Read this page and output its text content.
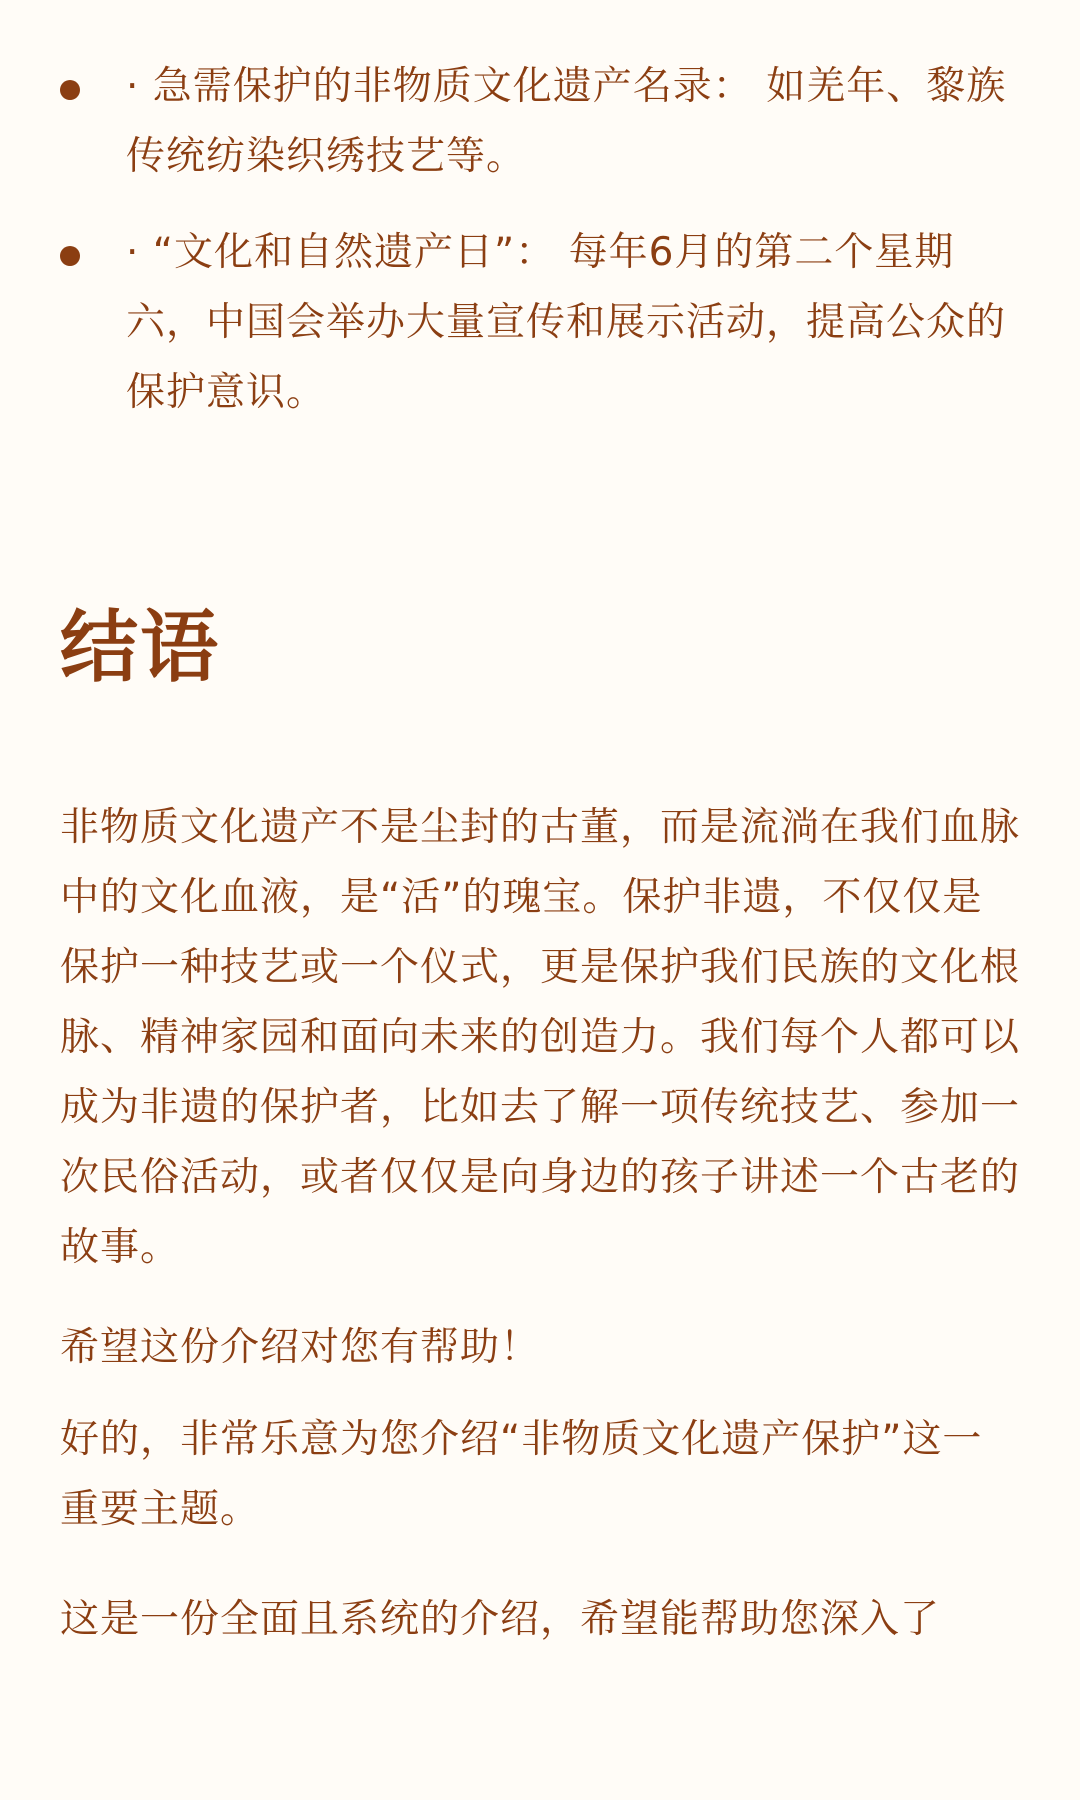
· 急需保护的非物质文化遗产名录： 如羌年、黎族传统纺染织绣技艺等。
· “文化和自然遗产日”： 每年6月的第二个星期六，中国会举办大量宣传和展示活动，提高公众的保护意识。
结语

非物质文化遗产不是尘封的古董，而是流淌在我们血脉中的文化血液，是“活”的瑰宝。保护非遗，不仅仅是保护一种技艺或一个仪式，更是保护我们民族的文化根脉、精神家园和面向未来的创造力。我们每个人都可以成为非遗的保护者，比如去了解一项传统技艺、参加一次民俗活动，或者仅仅是向身边的孩子讲述一个古老的故事。

希望这份介绍对您有帮助！

好的，非常乐意为您介绍“非物质文化遗产保护”这一重要主题。

这是一份全面且系统的介绍，希望能帮助您深入了
